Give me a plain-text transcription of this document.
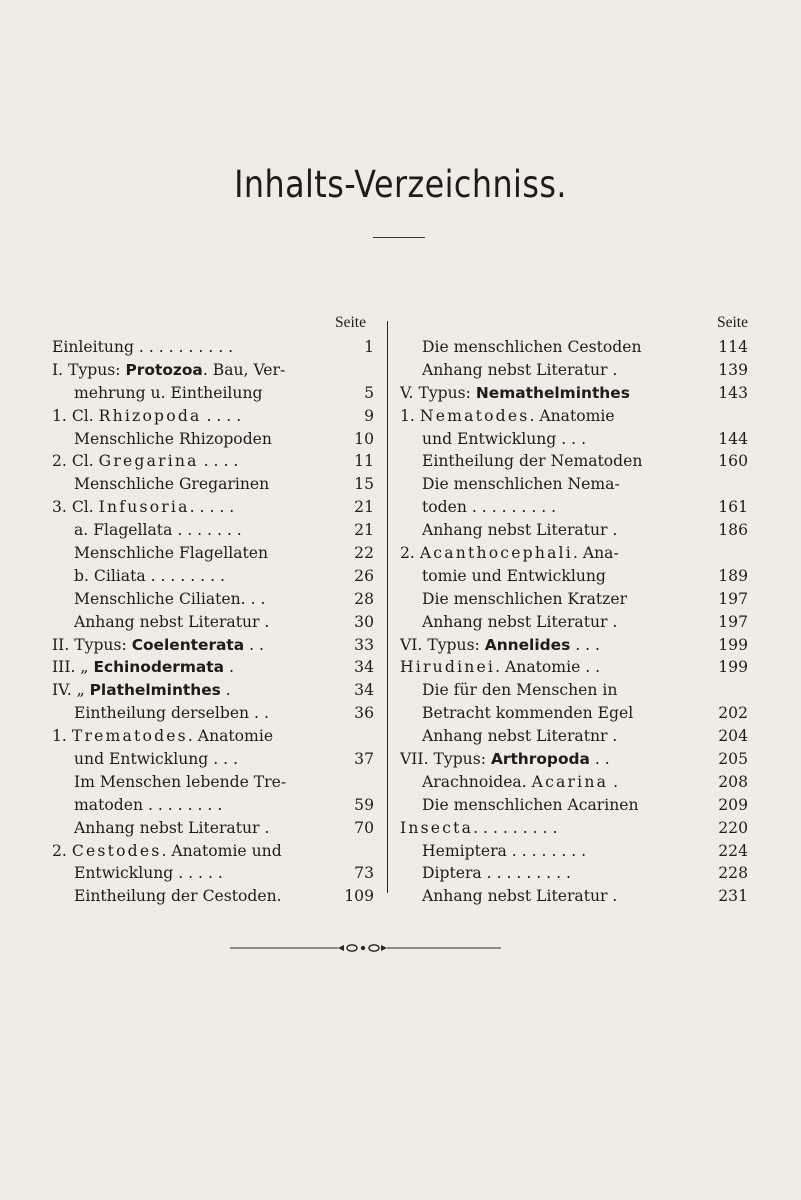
Inhalts-Verzeichniss.
Seite
Einleitung . . . . . . . . . .	1
I. Typus: Protozoa. Bau, Ver-
mehrung u. Eintheilung	5
1. Cl. Rhizopoda . . . .	9
Menschliche Rhizopoden	10
2. Cl. Gregarina . . . .	11
Menschliche Gregarinen	15
3. Cl. Infusoria. . . . .	21
a. Flagellata . . . . . . .	21
Menschliche Flagellaten	22
b. Ciliata . . . . . . . .	26
Menschliche Ciliaten. . .	28
Anhang nebst Literatur .	30
II. Typus: Coelenterata . .	33
III. „ Echinodermata .	34
IV. „ Plathelminthes .	34
Eintheilung derselben . .	36
1. Trematodes. Anatomie
und Entwicklung . . .	37
Im Menschen lebende Tre-
matoden . . . . . . . .	59
Anhang nebst Literatur .	70
2. Cestodes. Anatomie und
Entwicklung . . . . .	73
Eintheilung der Cestoden.	109
Seite
Die menschlichen Cestoden	114
Anhang nebst Literatur .	139
V. Typus: Nemathelminthes	143
1. Nematodes. Anatomie
und Entwicklung . . .	144
Eintheilung der Nematoden	160
Die menschlichen Nema-
toden . . . . . . . . .	161
Anhang nebst Literatur .	186
2. Acanthocephali. Ana-
tomie und Entwicklung	189
Die menschlichen Kratzer	197
Anhang nebst Literatur .	197
VI. Typus: Annelides . . .	199
Hirudinei. Anatomie . .	199
Die für den Menschen in
Betracht kommenden Egel	202
Anhang nebst Literatnr .	204
VII. Typus: Arthropoda . .	205
Arachnoidea. Acarina .	208
Die menschlichen Acarinen	209
Insecta. . . . . . . . .	220
Hemiptera . . . . . . . .	224
Diptera . . . . . . . . .	228
Anhang nebst Literatur .	231
